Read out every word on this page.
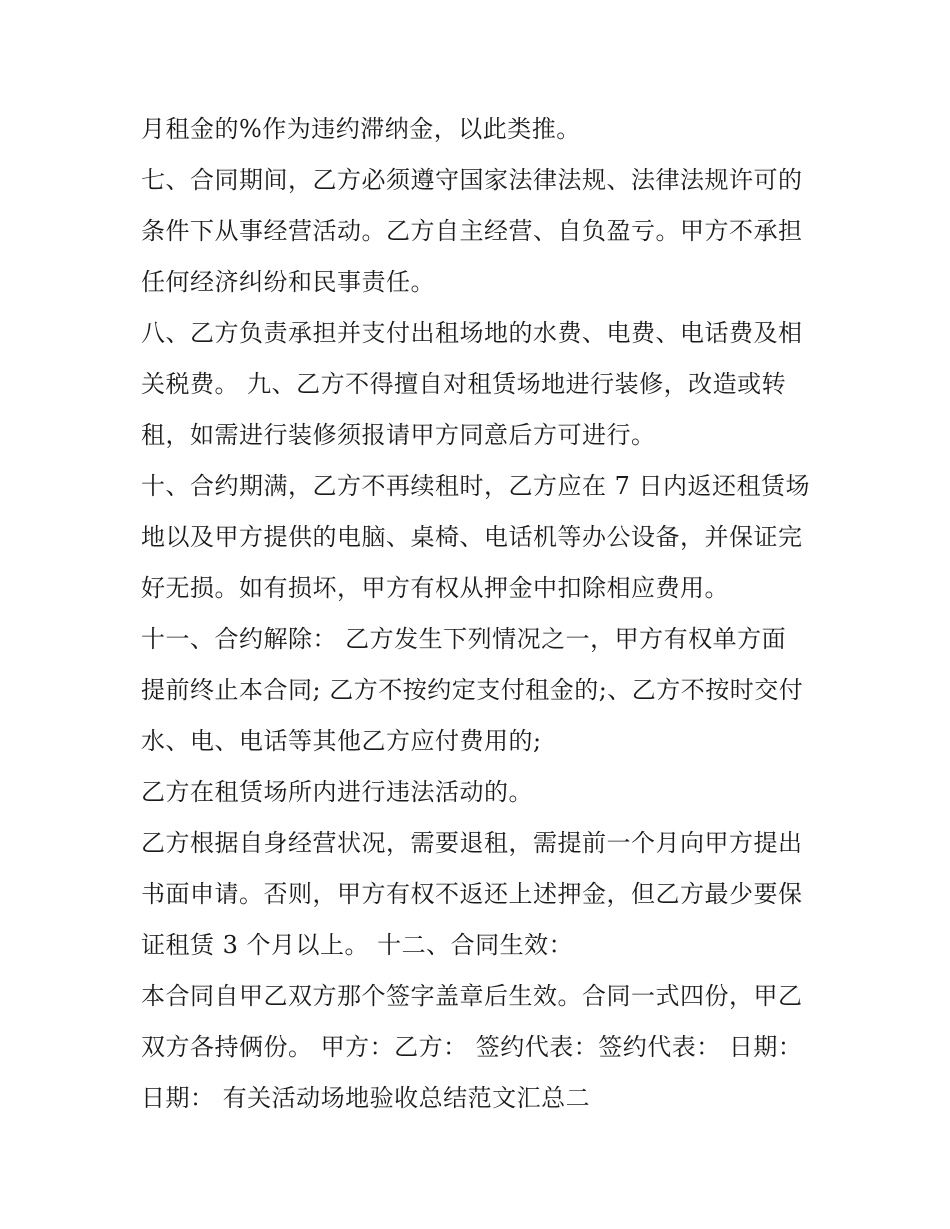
月租金的%作为违约滞纳金，以此类推。
七、合同期间，乙方必须遵守国家法律法规、法律法规许可的
条件下从事经营活动。乙方自主经营、自负盈亏。甲方不承担
任何经济纠纷和民事责任。
八、乙方负责承担并支付出租场地的水费、电费、电话费及相
关税费。 九、乙方不得擅自对租赁场地进行装修，改造或转
租，如需进行装修须报请甲方同意后方可进行。
十、合约期满，乙方不再续租时，乙方应在 7 日内返还租赁场
地以及甲方提供的电脑、桌椅、电话机等办公设备，并保证完
好无损。如有损坏，甲方有权从押金中扣除相应费用。
十一、合约解除： 乙方发生下列情况之一，甲方有权单方面
提前终止本合同; 乙方不按约定支付租金的;、乙方不按时交付
水、电、电话等其他乙方应付费用的;
乙方在租赁场所内进行违法活动的。
乙方根据自身经营状况，需要退租，需提前一个月向甲方提出
书面申请。否则，甲方有权不返还上述押金，但乙方最少要保
证租赁 3 个月以上。 十二、合同生效：
本合同自甲乙双方那个签字盖章后生效。合同一式四份，甲乙
双方各持俩份。 甲方：乙方： 签约代表：签约代表： 日期：
日期： 有关活动场地验收总结范文汇总二
